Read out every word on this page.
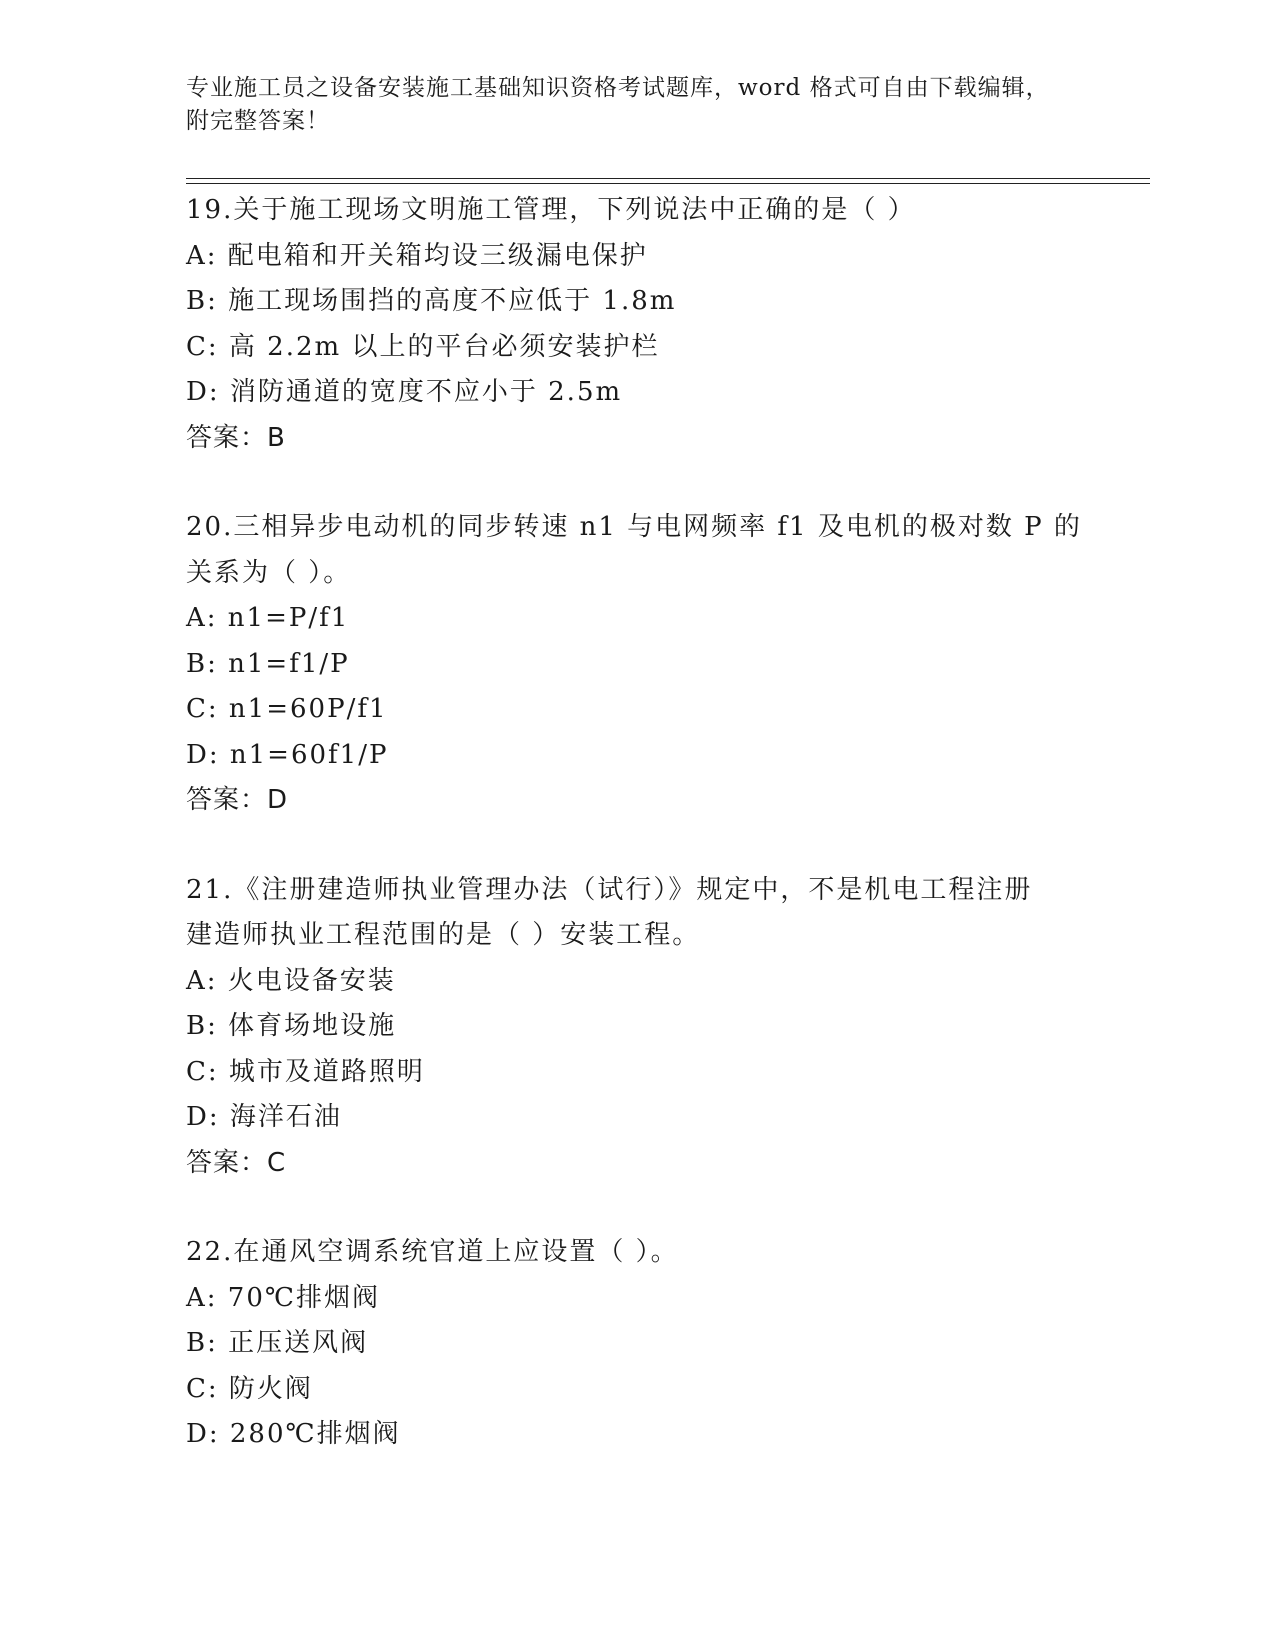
专业施工员之设备安装施工基础知识资格考试题库，word 格式可自由下载编辑，
附完整答案！
19.关于施工现场文明施工管理，下列说法中正确的是（ ）
A: 配电箱和开关箱均设三级漏电保护
B: 施工现场围挡的高度不应低于 1.8m
C: 高 2.2m 以上的平台必须安装护栏
D: 消防通道的宽度不应小于 2.5m
答案：B
20.三相异步电动机的同步转速 n1 与电网频率 f1 及电机的极对数 P 的
关系为（ ）。
A: n1=P/f1
B: n1=f1/P
C: n1=60P/f1
D: n1=60f1/P
答案：D
21.《注册建造师执业管理办法（试行）》规定中，不是机电工程注册
建造师执业工程范围的是（ ）安装工程。
A: 火电设备安装
B: 体育场地设施
C: 城市及道路照明
D: 海洋石油
答案：C
22.在通风空调系统官道上应设置（ ）。
A: 70℃排烟阀
B: 正压送风阀
C: 防火阀
D: 280℃排烟阀
